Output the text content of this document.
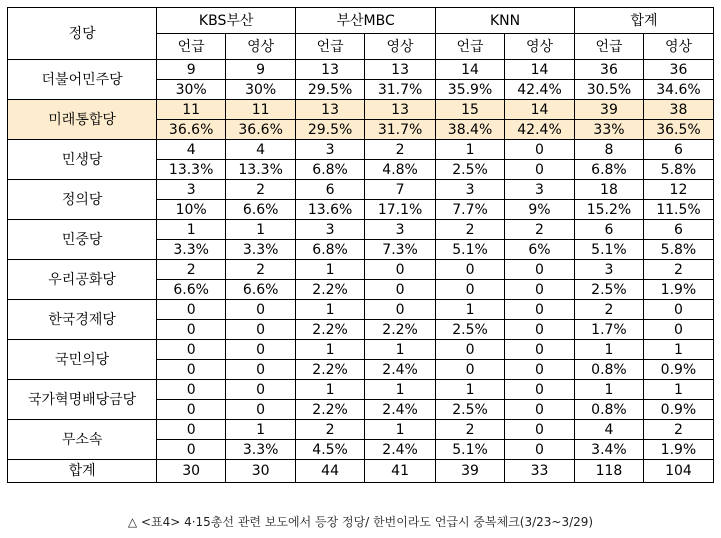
정당	KBS부산		부산MBC		KNN		합계	
	언급	영상	언급	영상	언급	영상	언급	영상
더불어민주당	9	9	13	13	14	14	36	36
	30%	30%	29.5%	31.7%	35.9%	42.4%	30.5%	34.6%
미래통합당	11	11	13	13	15	14	39	38
	36.6%	36.6%	29.5%	31.7%	38.4%	42.4%	33%	36.5%
민생당	4	4	3	2	1	0	8	6
	13.3%	13.3%	6.8%	4.8%	2.5%	0	6.8%	5.8%
정의당	3	2	6	7	3	3	18	12
	10%	6.6%	13.6%	17.1%	7.7%	9%	15.2%	11.5%
민중당	1	1	3	3	2	2	6	6
	3.3%	3.3%	6.8%	7.3%	5.1%	6%	5.1%	5.8%
우리공화당	2	2	1	0	0	0	3	2
	6.6%	6.6%	2.2%	0	0	0	2.5%	1.9%
한국경제당	0	0	1	0	1	0	2	0
	0	0	2.2%	2.2%	2.5%	0	1.7%	0
국민의당	0	0	1	1	0	0	1	1
	0	0	2.2%	2.4%	0	0	0.8%	0.9%
국가혁명배당금당	0	0	1	1	1	0	1	1
	0	0	2.2%	2.4%	2.5%	0	0.8%	0.9%
무소속	0	1	2	1	2	0	4	2
	0	3.3%	4.5%	2.4%	5.1%	0	3.4%	1.9%
합계	30	30	44	41	39	33	118	104
△ <표4> 4·15총선 관련 보도에서 등장 정당/ 한번이라도 언급시 중복체크(3/23~3/29)
